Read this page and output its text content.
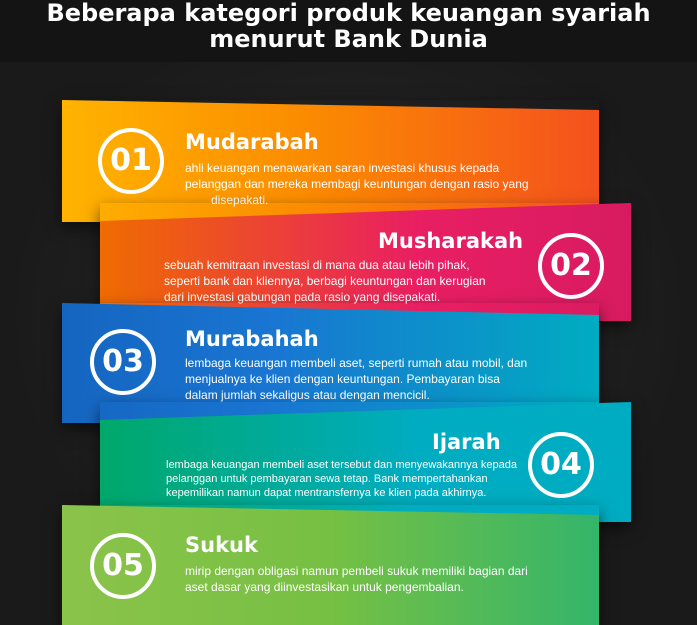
Beberapa kategori produk keuangan syariah
menurut Bank Dunia
01
Mudarabah
ahli keuangan menawarkan saran investasi khusus kepada
pelanggan dan mereka membagi keuntungan dengan rasio yang
disepakati.
02
Musharakah
sebuah kemitraan investasi di mana dua atau lebih pihak,
seperti bank dan kliennya, berbagi keuntungan dan kerugian
dari investasi gabungan pada rasio yang disepakati.
03
Murabahah
lembaga keuangan membeli aset, seperti rumah atau mobil, dan
menjualnya ke klien dengan keuntungan. Pembayaran bisa
dalam jumlah sekaligus atau dengan mencicil.
04
Ijarah
lembaga keuangan membeli aset tersebut dan menyewakannya kepada
pelanggan untuk pembayaran sewa tetap. Bank mempertahankan
kepemilikan namun dapat mentransfernya ke klien pada akhirnya.
05
Sukuk
mirip dengan obligasi namun pembeli sukuk memiliki bagian dari
aset dasar yang diinvestasikan untuk pengembalian.
